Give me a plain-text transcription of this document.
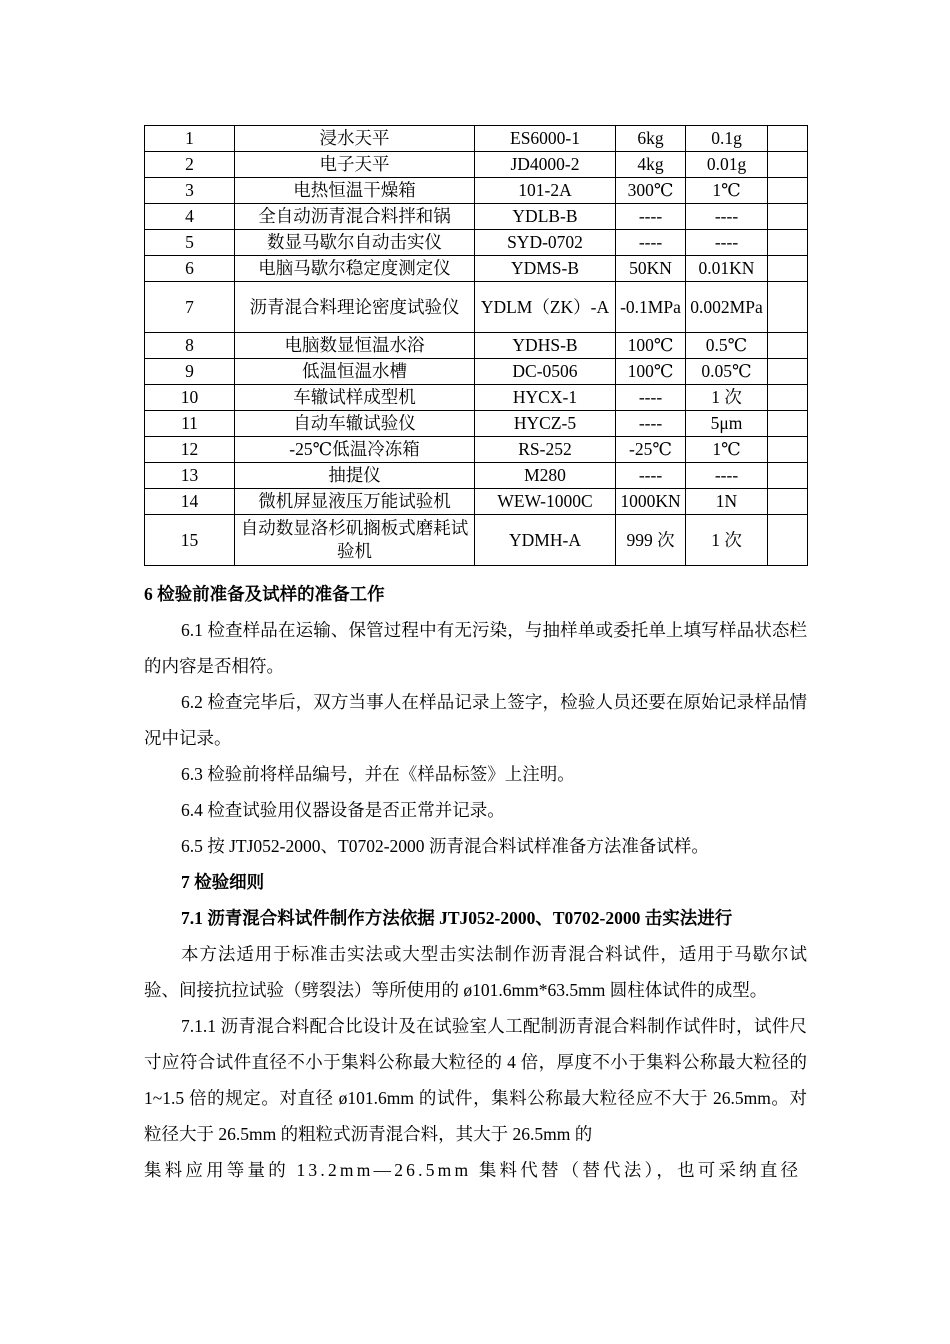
1	浸水天平	ES6000-1	6kg	0.1g	
2	电子天平	JD4000-2	4kg	0.01g	
3	电热恒温干燥箱	101-2A	300℃	1℃	
4	全自动沥青混合料拌和锅	YDLB-B	----	----	
5	数显马歇尔自动击实仪	SYD-0702	----	----	
6	电脑马歇尔稳定度测定仪	YDMS-B	50KN	0.01KN	
7	沥青混合料理论密度试验仪	YDLM（ZK）-A	-0.1MPa	0.002MPa	
8	电脑数显恒温水浴	YDHS-B	100℃	0.5℃	
9	低温恒温水槽	DC-0506	100℃	0.05℃	
10	车辙试样成型机	HYCX-1	----	1 次	
11	自动车辙试验仪	HYCZ-5	----	5μm	
12	-25℃低温冷冻箱	RS-252	-25℃	1℃	
13	抽提仪	M280	----	----	
14	微机屏显液压万能试验机	WEW-1000C	1000KN	1N	
15	自动数显洛杉矶搁板式磨耗试验机	YDMH-A	999 次	1 次	

6 检验前准备及试样的准备工作

6.1 检查样品在运输、保管过程中有无污染，与抽样单或委托单上填写样品状态栏的内容是否相符。

6.2 检查完毕后，双方当事人在样品记录上签字，检验人员还要在原始记录样品情况中记录。

6.3 检验前将样品编号，并在《样品标签》上注明。

6.4 检查试验用仪器设备是否正常并记录。

6.5 按 JTJ052-2000、T0702-2000 沥青混合料试样准备方法准备试样。

7 检验细则

7.1 沥青混合料试件制作方法依据 JTJ052-2000、T0702-2000 击实法进行

本方法适用于标准击实法或大型击实法制作沥青混合料试件，适用于马歇尔试验、间接抗拉试验（劈裂法）等所使用的 ø101.6mm*63.5mm 圆柱体试件的成型。

7.1.1 沥青混合料配合比设计及在试验室人工配制沥青混合料制作试件时，试件尺寸应符合试件直径不小于集料公称最大粒径的 4 倍，厚度不小于集料公称最大粒径的 1~1.5 倍的规定。对直径 ø101.6mm 的试件，集料公称最大粒径应不大于 26.5mm。对粒径大于 26.5mm 的粗粒式沥青混合料，其大于 26.5mm 的

集料应用等量的 13.2mm—26.5mm 集料代替（替代法），也可采纳直径
